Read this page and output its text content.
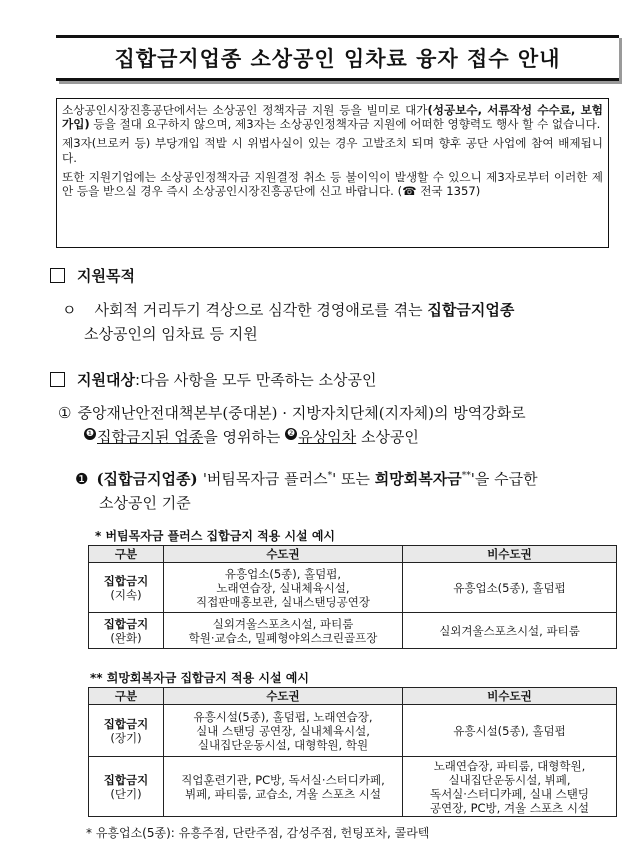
집합금지업종 소상공인 임차료 융자 접수 안내

소상공인시장진흥공단에서는 소상공인 정책자금 지원 등을 빌미로 대가(성공보수, 서류작성 수수료, 보험가입) 등을 절대 요구하지 않으며, 제3자는 소상공인정책자금 지원에 어떠한 영향력도 행사 할 수 없습니다.

제3자(브로커 등) 부당개입 적발 시 위법사실이 있는 경우 고발조치 되며 향후 공단 사업에 참여 배제됩니다.

또한 지원기업에는 소상공인정책자금 지원결정 취소 등 불이익이 발생할 수 있으니 제3자로부터 이러한 제안 등을 받으실 경우 즉시 소상공인시장진흥공단에 신고 바랍니다. (☎ 전국 1357)

지원목적
ㅇ 사회적 거리두기 격상으로 심각한 경영애로를 겪는 집합금지업종
소상공인의 임차료 등 지원
지원대상 : 다음 사항을 모두 만족하는 소상공인
① 중앙재난안전대책본부(중대본) · 지방자치단체(지자체)의 방역강화로
❶ 집합금지된 업종을 영위하는 ❷ 유상임차 소상공인
❶ (집합금지업종) '버팀목자금 플러스*' 또는 희망회복자금**'을 수급한
소상공인 기준
* 버팀목자금 플러스 집합금지 적용 시설 예시
구분	수도권	비수도권
집합금지
(지속)	유흥업소(5종), 홀덤펍,
노래연습장, 실내체육시설,
직접판매홍보관, 실내스탠딩공연장	유흥업소(5종), 홀덤펍
집합금지
(완화)	실외겨울스포츠시설, 파티룸
학원·교습소, 밀폐형야외스크린골프장	실외겨울스포츠시설, 파티룸
** 희망회복자금 집합금지 적용 시설 예시
구분	수도권	비수도권
집합금지
(장기)	유흥시설(5종), 홀덤펍, 노래연습장,
실내 스탠딩 공연장, 실내체육시설,
실내집단운동시설, 대형학원, 학원	유흥시설(5종), 홀덤펍
집합금지
(단기)	직업훈련기관, PC방, 독서실·스터디카페,
뷔페, 파티룸, 교습소, 겨울 스포츠 시설	노래연습장, 파티룸, 대형학원,
실내집단운동시설, 뷔페,
독서실·스터디카페, 실내 스탠딩
공연장, PC방, 겨울 스포츠 시설
* 유흥업소(5종): 유흥주점, 단란주점, 감성주점, 헌팅포차, 콜라텍
